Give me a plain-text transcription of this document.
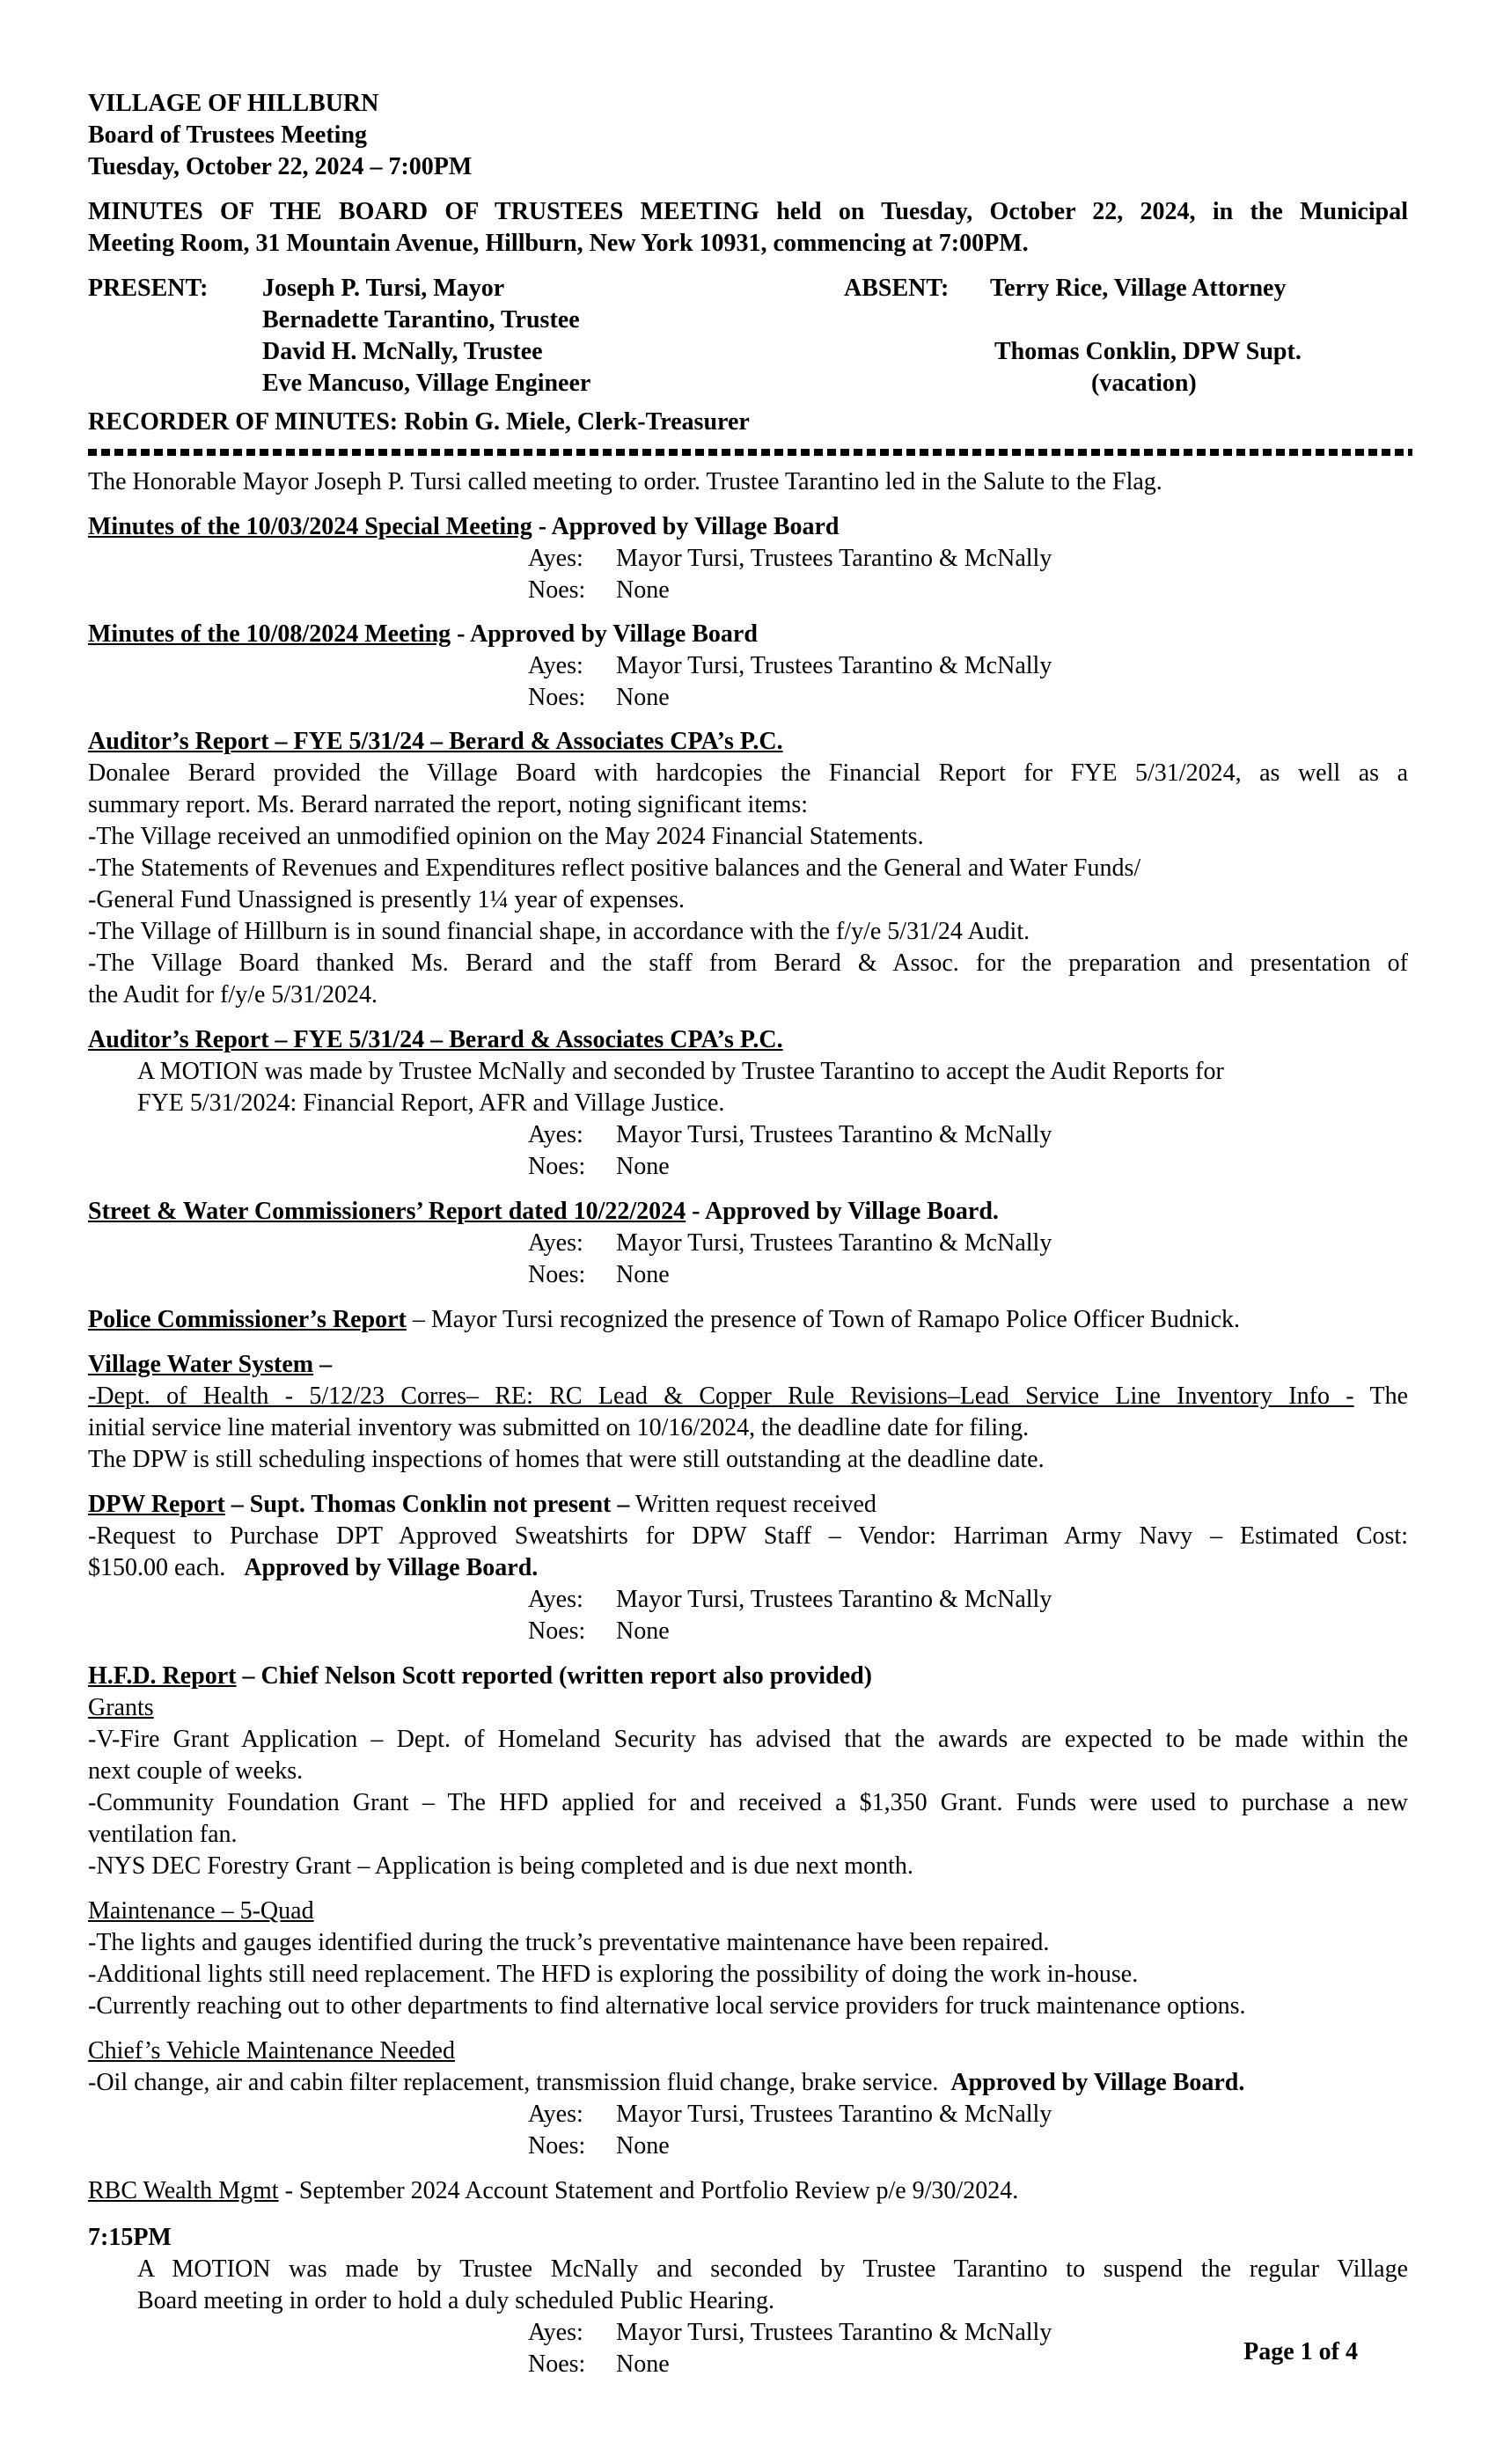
VILLAGE OF HILLBURN
Board of Trustees Meeting
Tuesday, October 22, 2024 – 7:00PM
MINUTES OF THE BOARD OF TRUSTEES MEETING held on Tuesday, October 22, 2024, in the Municipal
Meeting Room, 31 Mountain Avenue, Hillburn, New York 10931, commencing at 7:00PM.
PRESENT: Joseph P. Tursi, Mayor
Bernadette Tarantino, Trustee
David H. McNally, Trustee
Eve Mancuso, Village Engineer
ABSENT: Terry Rice, Village Attorney
Thomas Conklin, DPW Supt.
(vacation)
RECORDER OF MINUTES: Robin G. Miele, Clerk-Treasurer
The Honorable Mayor Joseph P. Tursi called meeting to order. Trustee Tarantino led in the Salute to the Flag.
Minutes of the 10/03/2024 Special Meeting - Approved by Village Board
Ayes: Mayor Tursi, Trustees Tarantino & McNally
Noes: None
Minutes of the 10/08/2024 Meeting - Approved by Village Board
Ayes: Mayor Tursi, Trustees Tarantino & McNally
Noes: None
Auditor’s Report – FYE 5/31/24 – Berard & Associates CPA’s P.C.
Donalee Berard provided the Village Board with hardcopies the Financial Report for FYE 5/31/2024, as well as a
summary report. Ms. Berard narrated the report, noting significant items:
-The Village received an unmodified opinion on the May 2024 Financial Statements.
-The Statements of Revenues and Expenditures reflect positive balances and the General and Water Funds/
-General Fund Unassigned is presently 1¼ year of expenses.
-The Village of Hillburn is in sound financial shape, in accordance with the f/y/e 5/31/24 Audit.
-The Village Board thanked Ms. Berard and the staff from Berard & Assoc. for the preparation and presentation of
the Audit for f/y/e 5/31/2024.
Auditor’s Report – FYE 5/31/24 – Berard & Associates CPA’s P.C.
A MOTION was made by Trustee McNally and seconded by Trustee Tarantino to accept the Audit Reports for
FYE 5/31/2024: Financial Report, AFR and Village Justice.
Ayes: Mayor Tursi, Trustees Tarantino & McNally
Noes: None
Street & Water Commissioners’ Report dated 10/22/2024 - Approved by Village Board.
Ayes: Mayor Tursi, Trustees Tarantino & McNally
Noes: None
Police Commissioner’s Report – Mayor Tursi recognized the presence of Town of Ramapo Police Officer Budnick.
Village Water System –
-Dept. of Health - 5/12/23 Corres– RE: RC Lead & Copper Rule Revisions–Lead Service Line Inventory Info - The
initial service line material inventory was submitted on 10/16/2024, the deadline date for filing.
The DPW is still scheduling inspections of homes that were still outstanding at the deadline date.
DPW Report – Supt. Thomas Conklin not present – Written request received
-Request to Purchase DPT Approved Sweatshirts for DPW Staff – Vendor: Harriman Army Navy – Estimated Cost:
$150.00 each. Approved by Village Board.
Ayes: Mayor Tursi, Trustees Tarantino & McNally
Noes: None
H.F.D. Report – Chief Nelson Scott reported (written report also provided)
Grants
-V-Fire Grant Application – Dept. of Homeland Security has advised that the awards are expected to be made within the
next couple of weeks.
-Community Foundation Grant – The HFD applied for and received a $1,350 Grant. Funds were used to purchase a new
ventilation fan.
-NYS DEC Forestry Grant – Application is being completed and is due next month.
Maintenance – 5-Quad
-The lights and gauges identified during the truck’s preventative maintenance have been repaired.
-Additional lights still need replacement. The HFD is exploring the possibility of doing the work in-house.
-Currently reaching out to other departments to find alternative local service providers for truck maintenance options.
Chief’s Vehicle Maintenance Needed
-Oil change, air and cabin filter replacement, transmission fluid change, brake service. Approved by Village Board.
Ayes: Mayor Tursi, Trustees Tarantino & McNally
Noes: None
RBC Wealth Mgmt - September 2024 Account Statement and Portfolio Review p/e 9/30/2024.
7:15PM
A MOTION was made by Trustee McNally and seconded by Trustee Tarantino to suspend the regular Village
Board meeting in order to hold a duly scheduled Public Hearing.
Ayes: Mayor Tursi, Trustees Tarantino & McNally
Noes: None	Page 1 of 4
